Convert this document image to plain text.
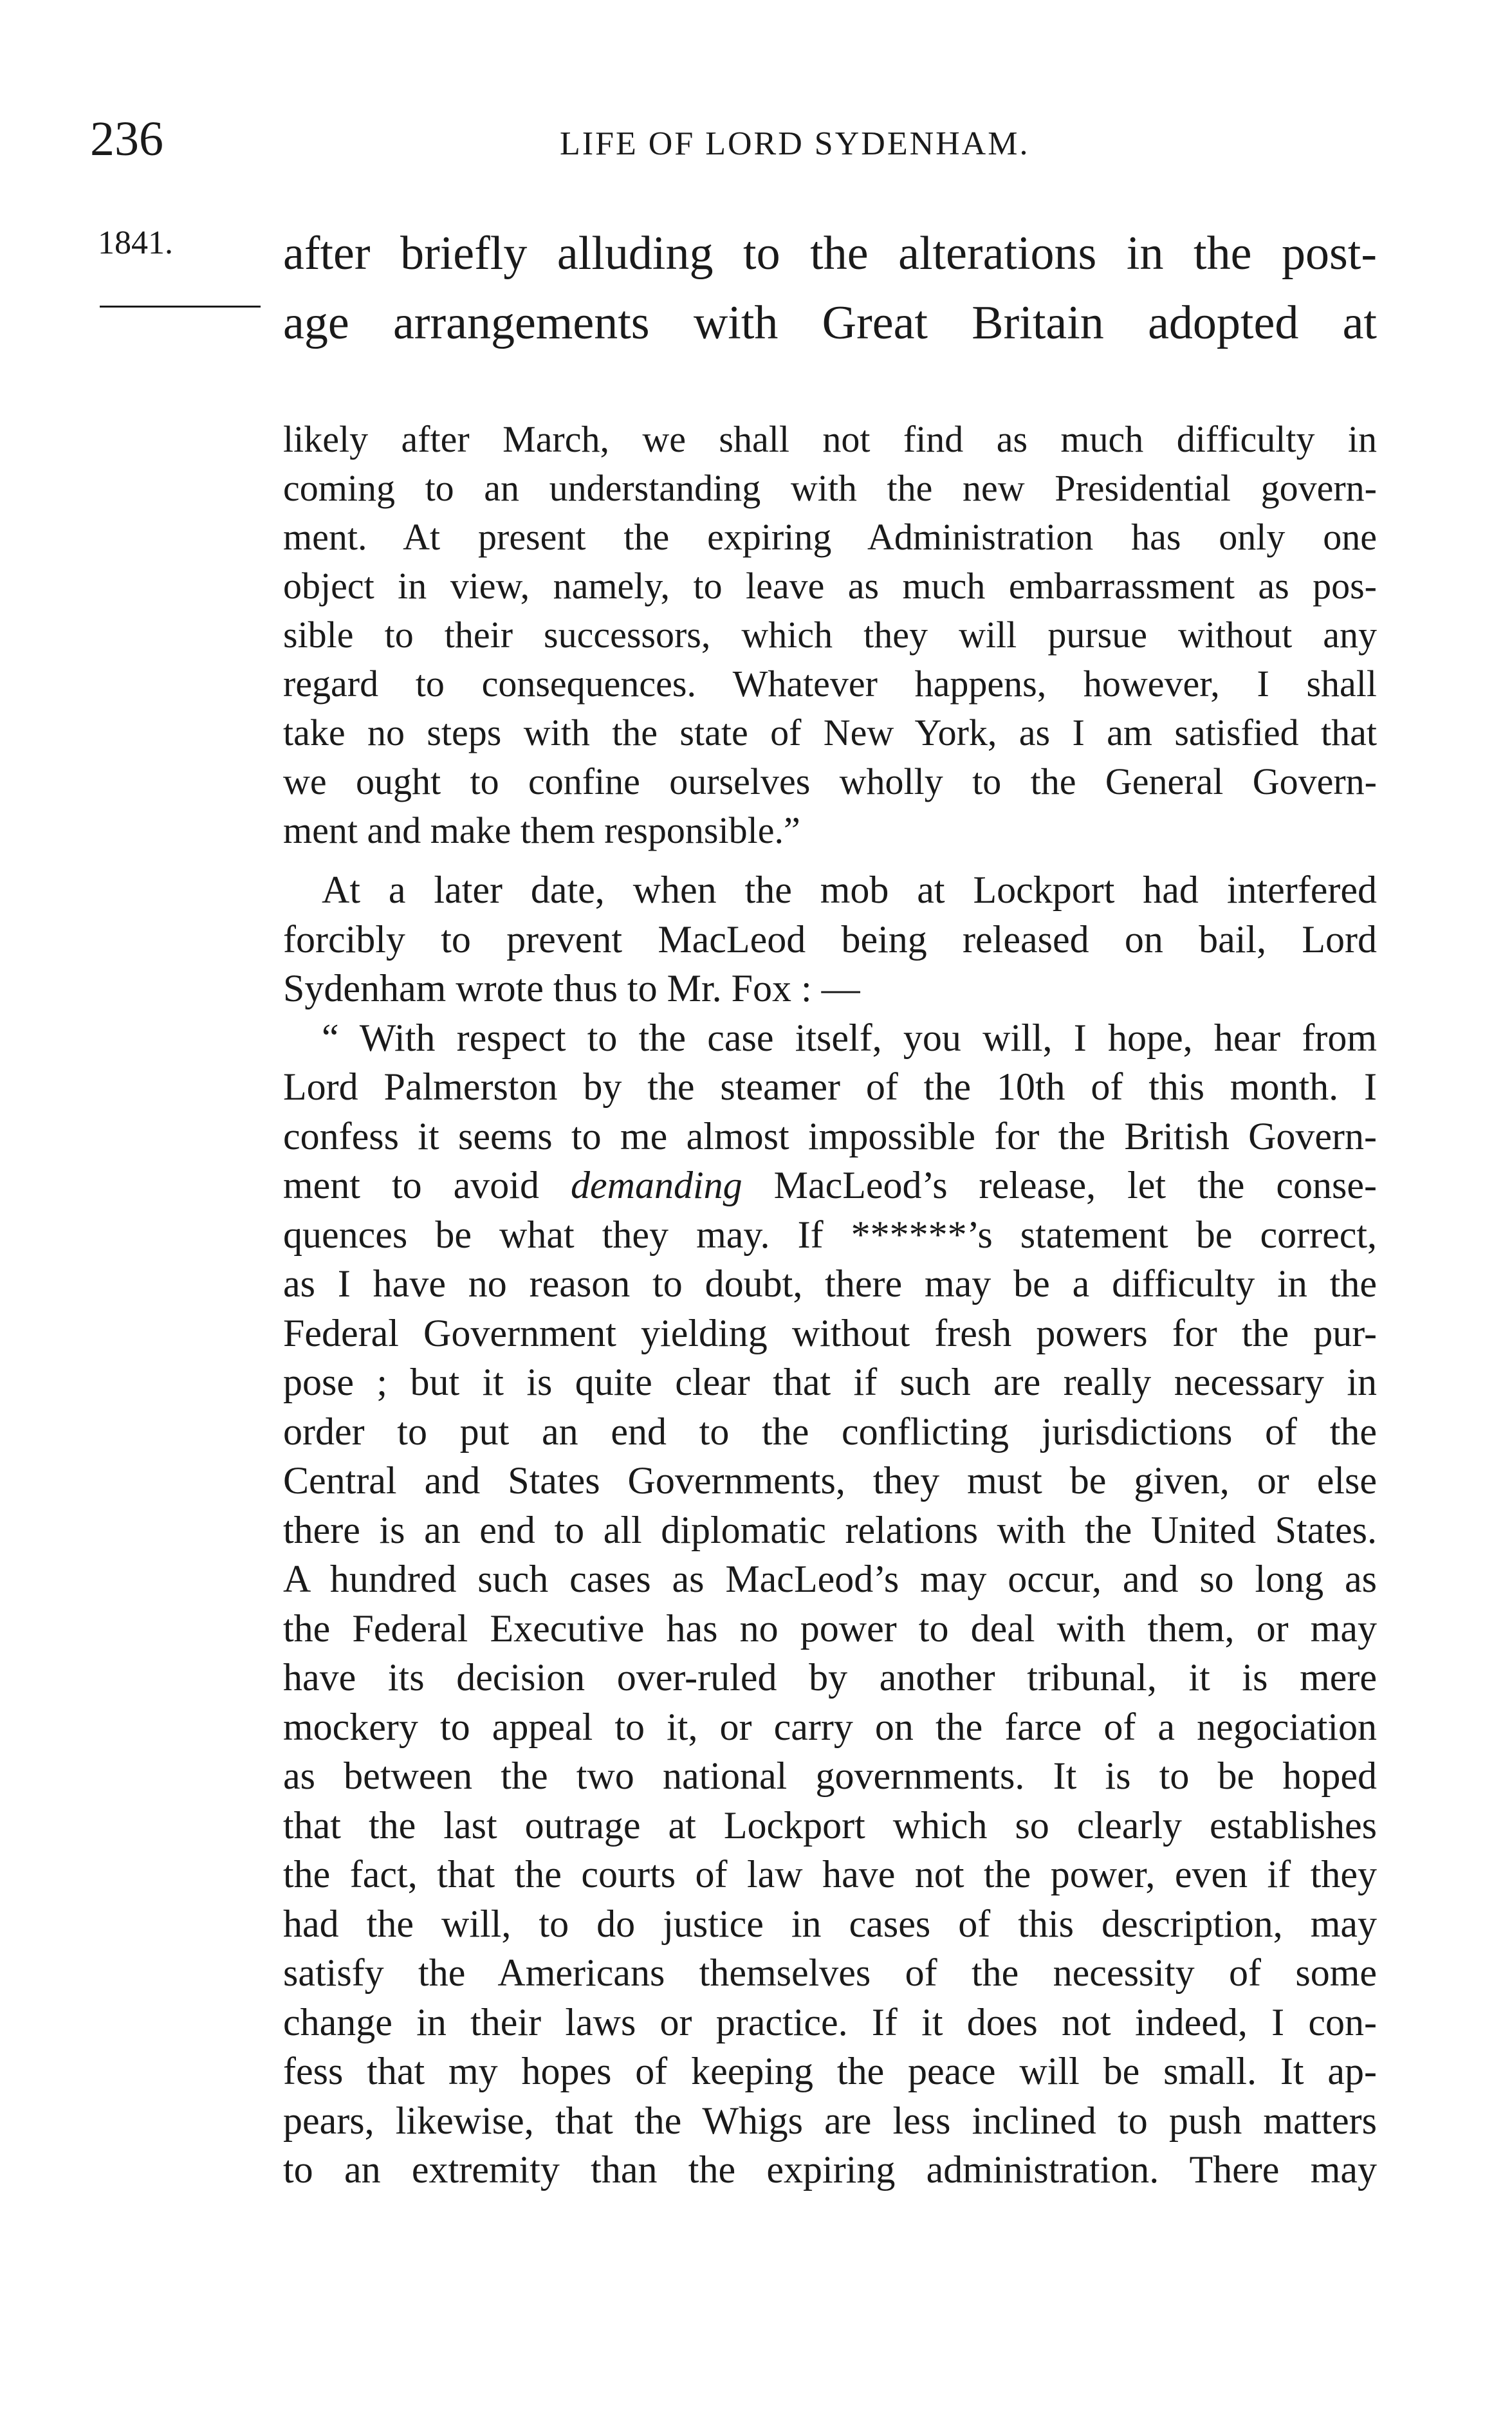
236	LIFE OF LORD SYDENHAM.
1841. after briefly alluding to the alterations in the post-
age arrangements with Great Britain adopted at
likely after March, we shall not find as much difficulty in
coming to an understanding with the new Presidential govern-
ment. At present the expiring Administration has only one
object in view, namely, to leave as much embarrassment as pos-
sible to their successors, which they will pursue without any
regard to consequences. Whatever happens, however, I shall
take no steps with the state of New York, as I am satisfied that
we ought to confine ourselves wholly to the General Govern-
ment and make them responsible.”
At a later date, when the mob at Lockport had interfered
forcibly to prevent MacLeod being released on bail, Lord
Sydenham wrote thus to Mr. Fox : —
“ With respect to the case itself, you will, I hope, hear from
Lord Palmerston by the steamer of the 10th of this month. I
confess it seems to me almost impossible for the British Govern-
ment to avoid demanding MacLeod’s release, let the conse-
quences be what they may. If ******’s statement be correct,
as I have no reason to doubt, there may be a difficulty in the
Federal Government yielding without fresh powers for the pur-
pose ; but it is quite clear that if such are really necessary in
order to put an end to the conflicting jurisdictions of the
Central and States Governments, they must be given, or else
there is an end to all diplomatic relations with the United States.
A hundred such cases as MacLeod’s may occur, and so long as
the Federal Executive has no power to deal with them, or may
have its decision over-ruled by another tribunal, it is mere
mockery to appeal to it, or carry on the farce of a negociation
as between the two national governments. It is to be hoped
that the last outrage at Lockport which so clearly establishes
the fact, that the courts of law have not the power, even if they
had the will, to do justice in cases of this description, may
satisfy the Americans themselves of the necessity of some
change in their laws or practice. If it does not indeed, I con-
fess that my hopes of keeping the peace will be small. It ap-
pears, likewise, that the Whigs are less inclined to push matters
to an extremity than the expiring administration. There may
